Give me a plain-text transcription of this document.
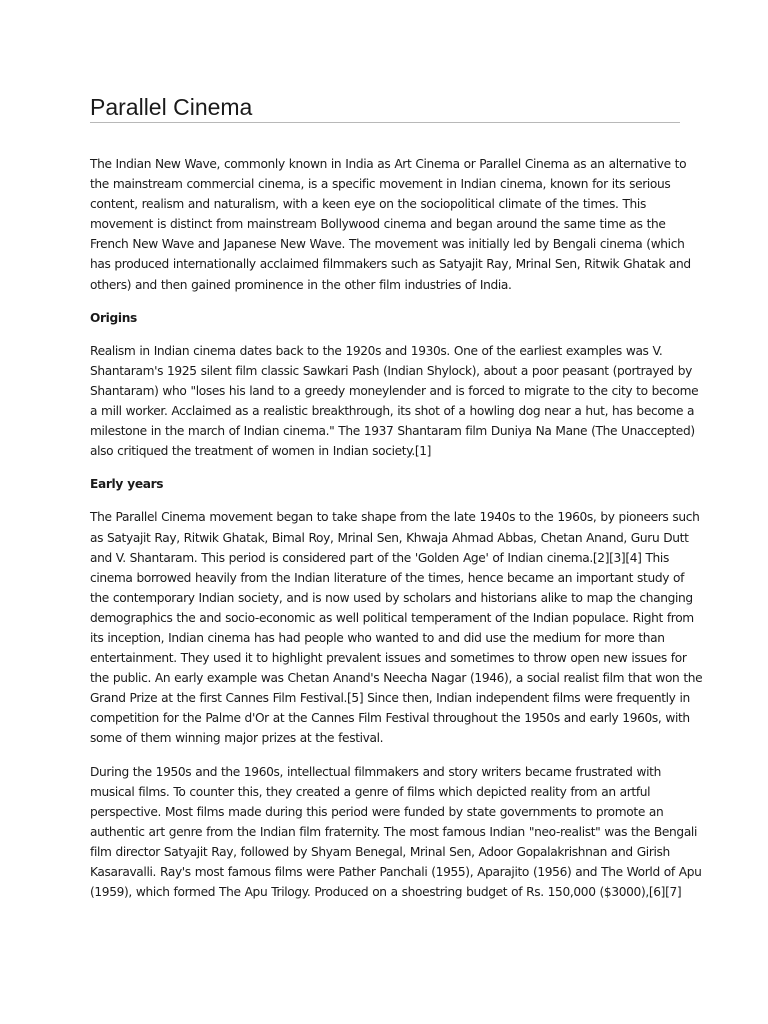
Parallel Cinema

The Indian New Wave, commonly known in India as Art Cinema or Parallel Cinema as an alternative to
the mainstream commercial cinema, is a specific movement in Indian cinema, known for its serious
content, realism and naturalism, with a keen eye on the sociopolitical climate of the times. This
movement is distinct from mainstream Bollywood cinema and began around the same time as the
French New Wave and Japanese New Wave. The movement was initially led by Bengali cinema (which
has produced internationally acclaimed filmmakers such as Satyajit Ray, Mrinal Sen, Ritwik Ghatak and
others) and then gained prominence in the other film industries of India.

Origins

Realism in Indian cinema dates back to the 1920s and 1930s. One of the earliest examples was V.
Shantaram's 1925 silent film classic Sawkari Pash (Indian Shylock), about a poor peasant (portrayed by
Shantaram) who "loses his land to a greedy moneylender and is forced to migrate to the city to become
a mill worker. Acclaimed as a realistic breakthrough, its shot of a howling dog near a hut, has become a
milestone in the march of Indian cinema." The 1937 Shantaram film Duniya Na Mane (The Unaccepted)
also critiqued the treatment of women in Indian society.[1]

Early years

The Parallel Cinema movement began to take shape from the late 1940s to the 1960s, by pioneers such
as Satyajit Ray, Ritwik Ghatak, Bimal Roy, Mrinal Sen, Khwaja Ahmad Abbas, Chetan Anand, Guru Dutt
and V. Shantaram. This period is considered part of the 'Golden Age' of Indian cinema.[2][3][4] This
cinema borrowed heavily from the Indian literature of the times, hence became an important study of
the contemporary Indian society, and is now used by scholars and historians alike to map the changing
demographics the and socio-economic as well political temperament of the Indian populace. Right from
its inception, Indian cinema has had people who wanted to and did use the medium for more than
entertainment. They used it to highlight prevalent issues and sometimes to throw open new issues for
the public. An early example was Chetan Anand's Neecha Nagar (1946), a social realist film that won the
Grand Prize at the first Cannes Film Festival.[5] Since then, Indian independent films were frequently in
competition for the Palme d'Or at the Cannes Film Festival throughout the 1950s and early 1960s, with
some of them winning major prizes at the festival.

During the 1950s and the 1960s, intellectual filmmakers and story writers became frustrated with
musical films. To counter this, they created a genre of films which depicted reality from an artful
perspective. Most films made during this period were funded by state governments to promote an
authentic art genre from the Indian film fraternity. The most famous Indian "neo-realist" was the Bengali
film director Satyajit Ray, followed by Shyam Benegal, Mrinal Sen, Adoor Gopalakrishnan and Girish
Kasaravalli. Ray's most famous films were Pather Panchali (1955), Aparajito (1956) and The World of Apu
(1959), which formed The Apu Trilogy. Produced on a shoestring budget of Rs. 150,000 ($3000),[6][7]
